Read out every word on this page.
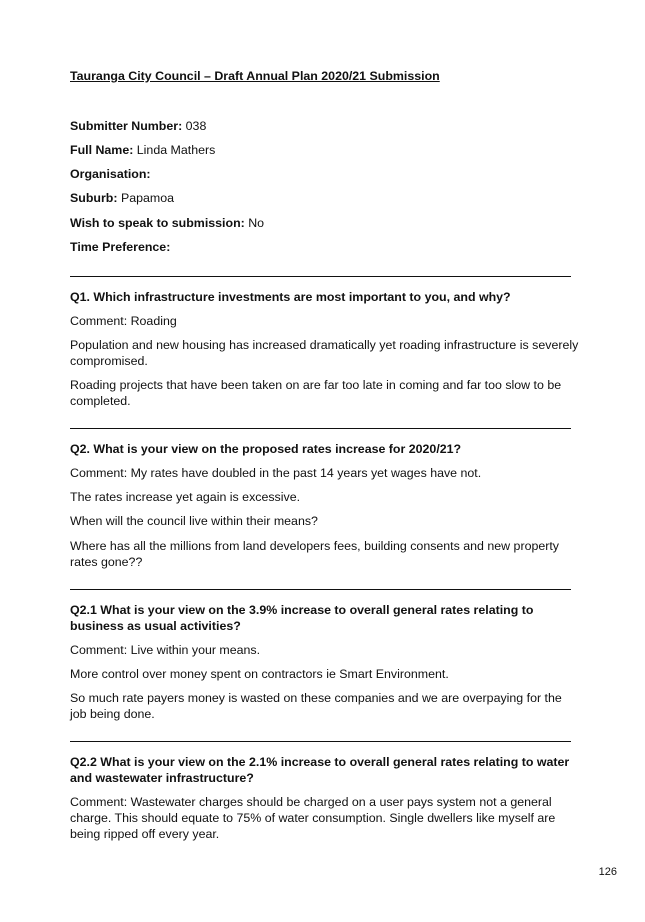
Tauranga City Council – Draft Annual Plan 2020/21 Submission
Submitter Number: 038
Full Name: Linda Mathers
Organisation:
Suburb: Papamoa
Wish to speak to submission: No
Time Preference:
Q1. Which infrastructure investments are most important to you, and why?
Comment: Roading
Population and new housing has increased dramatically yet roading infrastructure is severely compromised.
Roading projects that have been taken on are far too late in coming and far too slow to be completed.
Q2. What is your view on the proposed rates increase for 2020/21?
Comment: My rates have doubled in the past 14 years yet wages have not.
The rates increase yet again is excessive.
When will the council live within their means?
Where has all the millions from land developers fees, building consents and new property rates gone??
Q2.1 What is your view on the 3.9% increase to overall general rates relating to business as usual activities?
Comment: Live within your means.
More control over money spent on contractors ie Smart Environment.
So much rate payers money is wasted on these companies and we are overpaying for the job being done.
Q2.2 What is your view on the 2.1% increase to overall general rates relating to water and wastewater infrastructure?
Comment: Wastewater charges should be charged on a user pays system not a general charge. This should equate to 75% of water consumption. Single dwellers like myself are being ripped off every year.
126
